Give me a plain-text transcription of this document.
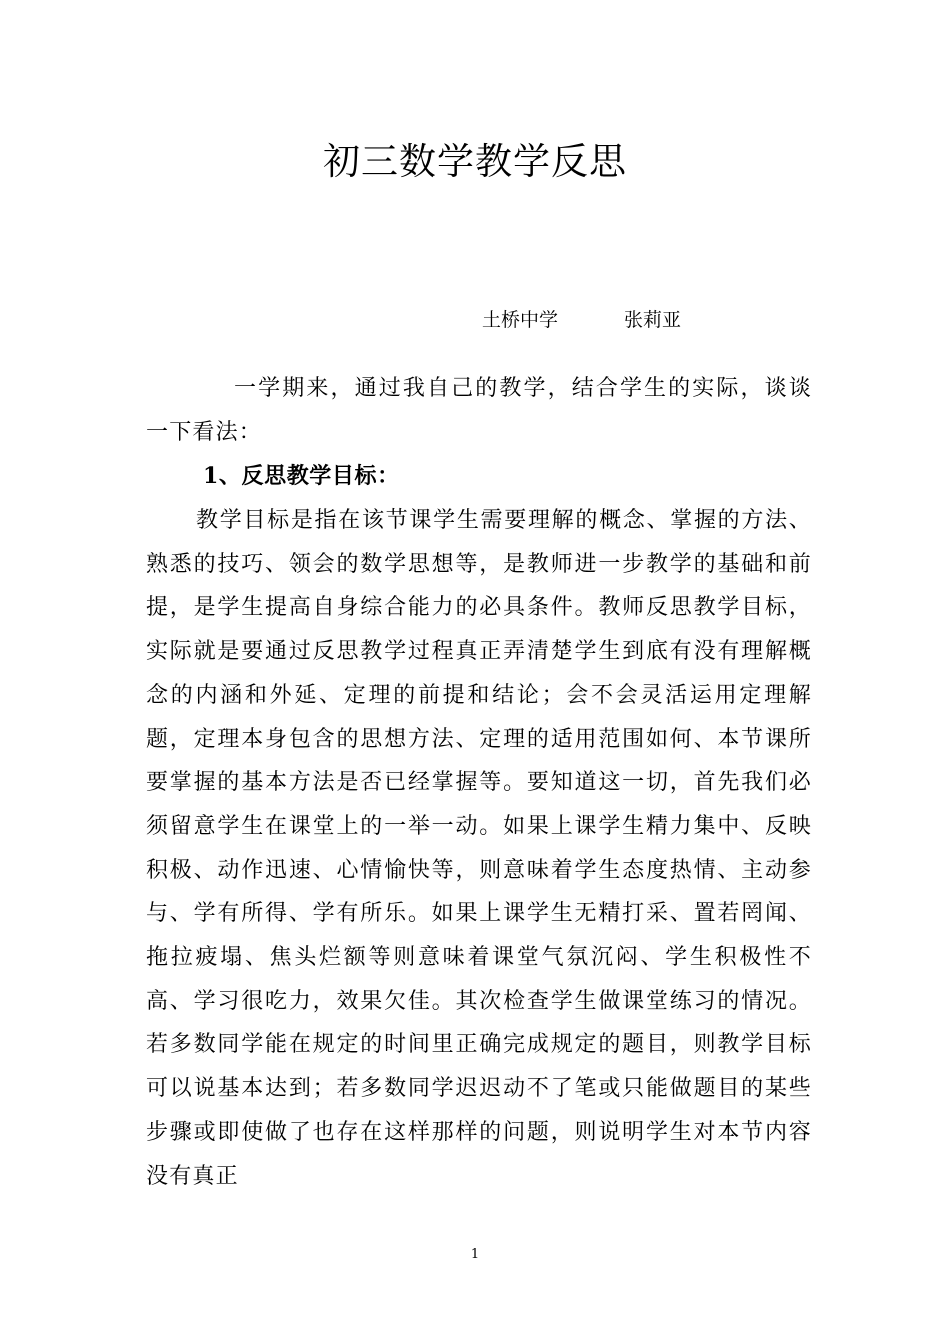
初三数学教学反思
土桥中学	张莉亚

一学期来，通过我自己的教学，结合学生的实际，谈谈一下看法：

1、反思教学目标：

教学目标是指在该节课学生需要理解的概念、掌握的方法、熟悉的技巧、领会的数学思想等，是教师进一步教学的基础和前提，是学生提高自身综合能力的必具条件。教师反思教学目标，实际就是要通过反思教学过程真正弄清楚学生到底有没有理解概念的内涵和外延、定理的前提和结论；会不会灵活运用定理解题，定理本身包含的思想方法、定理的适用范围如何、本节课所要掌握的基本方法是否已经掌握等。要知道这一切，首先我们必须留意学生在课堂上的一举一动。如果上课学生精力集中、反映积极、动作迅速、心情愉快等，则意味着学生态度热情、主动参与、学有所得、学有所乐。如果上课学生无精打采、置若罔闻、拖拉疲塌、焦头烂额等则意味着课堂气氛沉闷、学生积极性不高、学习很吃力，效果欠佳。其次检查学生做课堂练习的情况。若多数同学能在规定的时间里正确完成规定的题目，则教学目标可以说基本达到；若多数同学迟迟动不了笔或只能做题目的某些步骤或即使做了也存在这样那样的问题，则说明学生对本节内容没有真正

1
